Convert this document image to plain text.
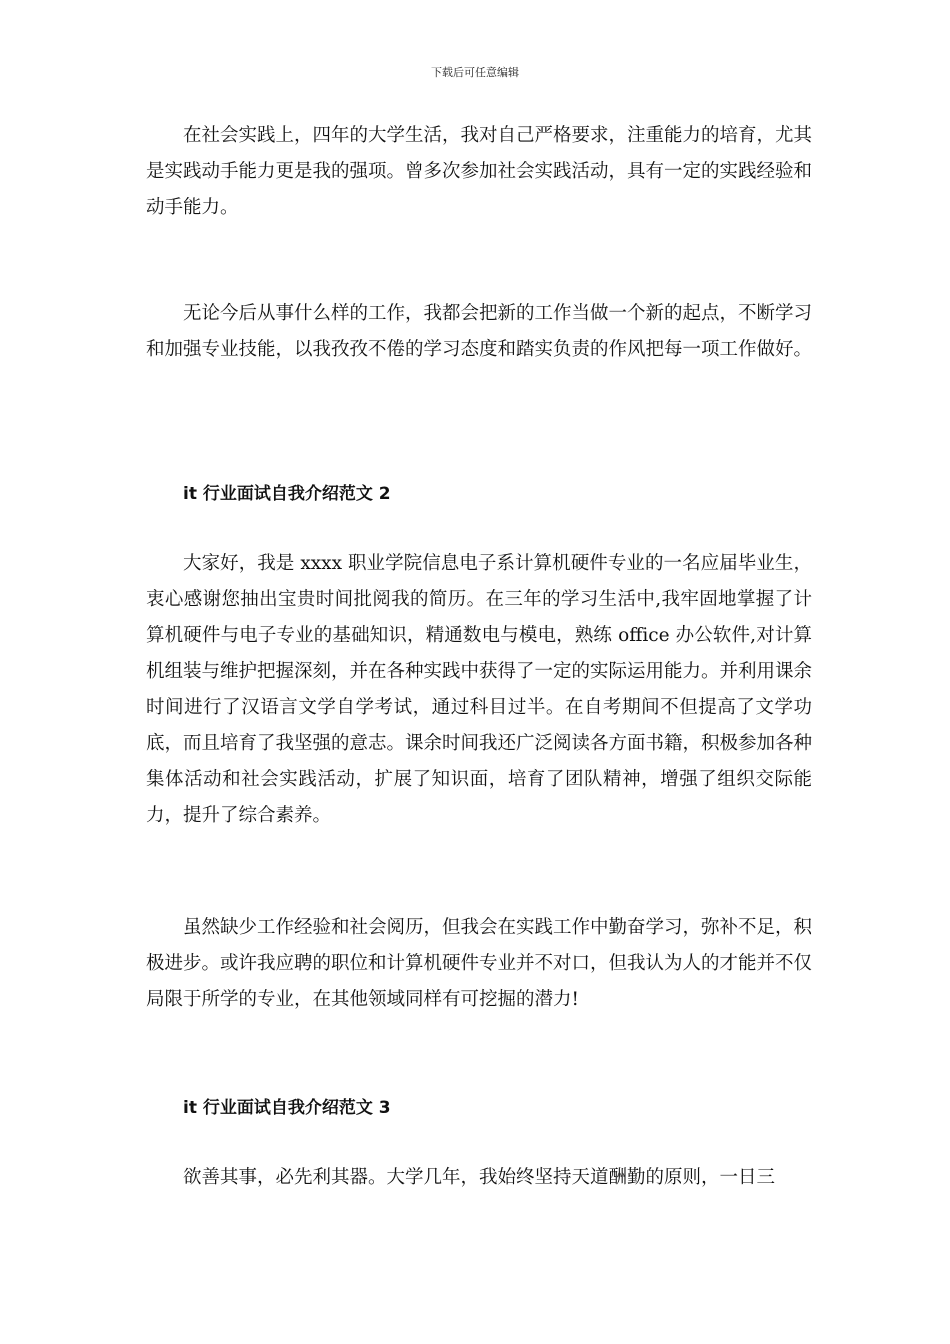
下载后可任意编辑

在社会实践上，四年的大学生活，我对自己严格要求，注重能力的培育，尤其是实践动手能力更是我的强项。曾多次参加社会实践活动，具有一定的实践经验和动手能力。

无论今后从事什么样的工作，我都会把新的工作当做一个新的起点，不断学习和加强专业技能，以我孜孜不倦的学习态度和踏实负责的作风把每一项工作做好。

it 行业面试自我介绍范文 2

大家好，我是 xxxx 职业学院信息电子系计算机硬件专业的一名应届毕业生，衷心感谢您抽出宝贵时间批阅我的简历。在三年的学习生活中,我牢固地掌握了计算机硬件与电子专业的基础知识，精通数电与模电，熟练 office 办公软件,对计算机组装与维护把握深刻，并在各种实践中获得了一定的实际运用能力。并利用课余时间进行了汉语言文学自学考试，通过科目过半。在自考期间不但提高了文学功底，而且培育了我坚强的意志。课余时间我还广泛阅读各方面书籍，积极参加各种集体活动和社会实践活动，扩展了知识面，培育了团队精神，增强了组织交际能力，提升了综合素养。

虽然缺少工作经验和社会阅历，但我会在实践工作中勤奋学习，弥补不足，积极进步。或许我应聘的职位和计算机硬件专业并不对口，但我认为人的才能并不仅局限于所学的专业，在其他领域同样有可挖掘的潜力!

it 行业面试自我介绍范文 3

欲善其事，必先利其器。大学几年，我始终坚持天道酬勤的原则，一日三
